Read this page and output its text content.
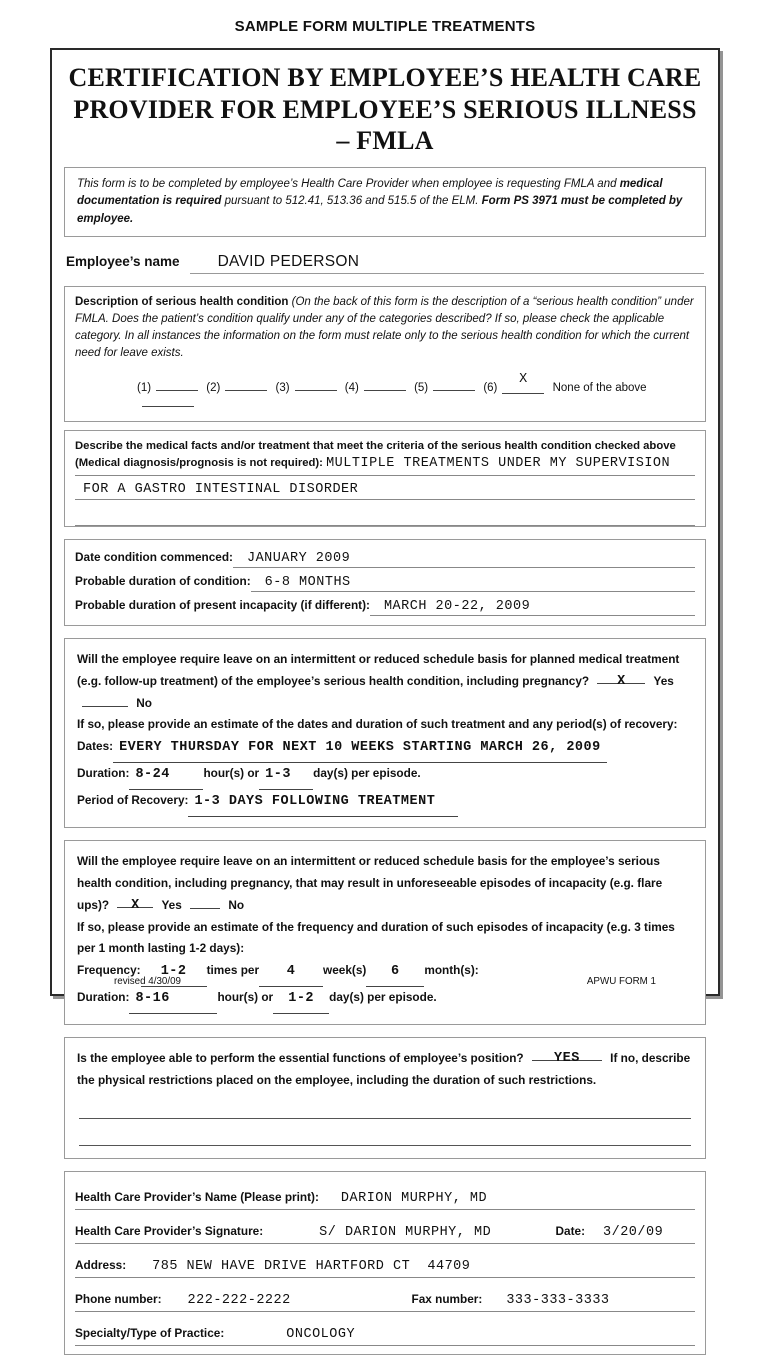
SAMPLE FORM MULTIPLE TREATMENTS
CERTIFICATION BY EMPLOYEE’S HEALTH CARE
PROVIDER FOR EMPLOYEE’S SERIOUS ILLNESS – FMLA

This form is to be completed by employee’s Health Care Provider when employee is requesting FMLA and medical documentation is required pursuant to 512.41, 513.36 and 515.5 of the ELM. Form PS 3971 must be completed by employee.

Employee’s name	DAVID PEDERSON
Description of serious health condition (On the back of this form is the description of a “serious health condition” under FMLA. Does the patient’s condition qualify under any of the categories described? If so, please check the applicable category. In all instances the information on the form must relate only to the serious health condition for which the current need for leave exists.
(1)	(2)	(3)	(4)	(5)	(6)X None of the above
Describe the medical facts and/or treatment that meet the criteria of the serious health condition checked above (Medical diagnosis/prognosis is not required): MULTIPLE TREATMENTS UNDER MY SUPERVISION
FOR A GASTRO INTESTINAL DISORDER
Date condition commenced:	JANUARY 2009
Probable duration of condition:	6-8 MONTHS
Probable duration of present incapacity (if different):	MARCH 20-22, 2009

Will the employee require leave on an intermittent or reduced schedule basis for planned medical treatment (e.g. follow-up treatment) of the employee’s serious health condition, including pregnancy? X Yes  No

If so, please provide an estimate of the dates and duration of such treatment and any period(s) of recovery:

Dates: EVERY THURSDAY FOR NEXT 10 WEEKS STARTING MARCH 26, 2009
Duration: 8-24	hour(s) or 1-3	day(s) per episode.
Period of Recovery: 1-3 DAYS FOLLOWING TREATMENT

Will the employee require leave on an intermittent or reduced schedule basis for the employee’s serious health condition, including pregnancy, that may result in unforeseeable episodes of incapacity (e.g. flare ups)? X Yes	No

If so, please provide an estimate of the frequency and duration of such episodes of incapacity (e.g. 3 times per 1 month lasting 1-2 days):

Frequency:	1-2	times per	4	week(s)	6	month(s):
Duration: 8-16	hour(s) or	1-2	day(s) per episode.

Is the employee able to perform the essential functions of employee’s position? YES If no, describe the physical restrictions placed on the employee, including the duration of such restrictions.

Health Care Provider’s Name (Please print):	DARION MURPHY, MD
Health Care Provider’s Signature:	S/ DARION MURPHY, MD	Date:	3/20/09
Address:	785 NEW HAVE DRIVE HARTFORD CT  44709
Phone number:	222-222-2222	Fax number:	333-333-3333
Specialty/Type of Practice:	ONCOLOGY
revised 4/30/09	APWU FORM 1
